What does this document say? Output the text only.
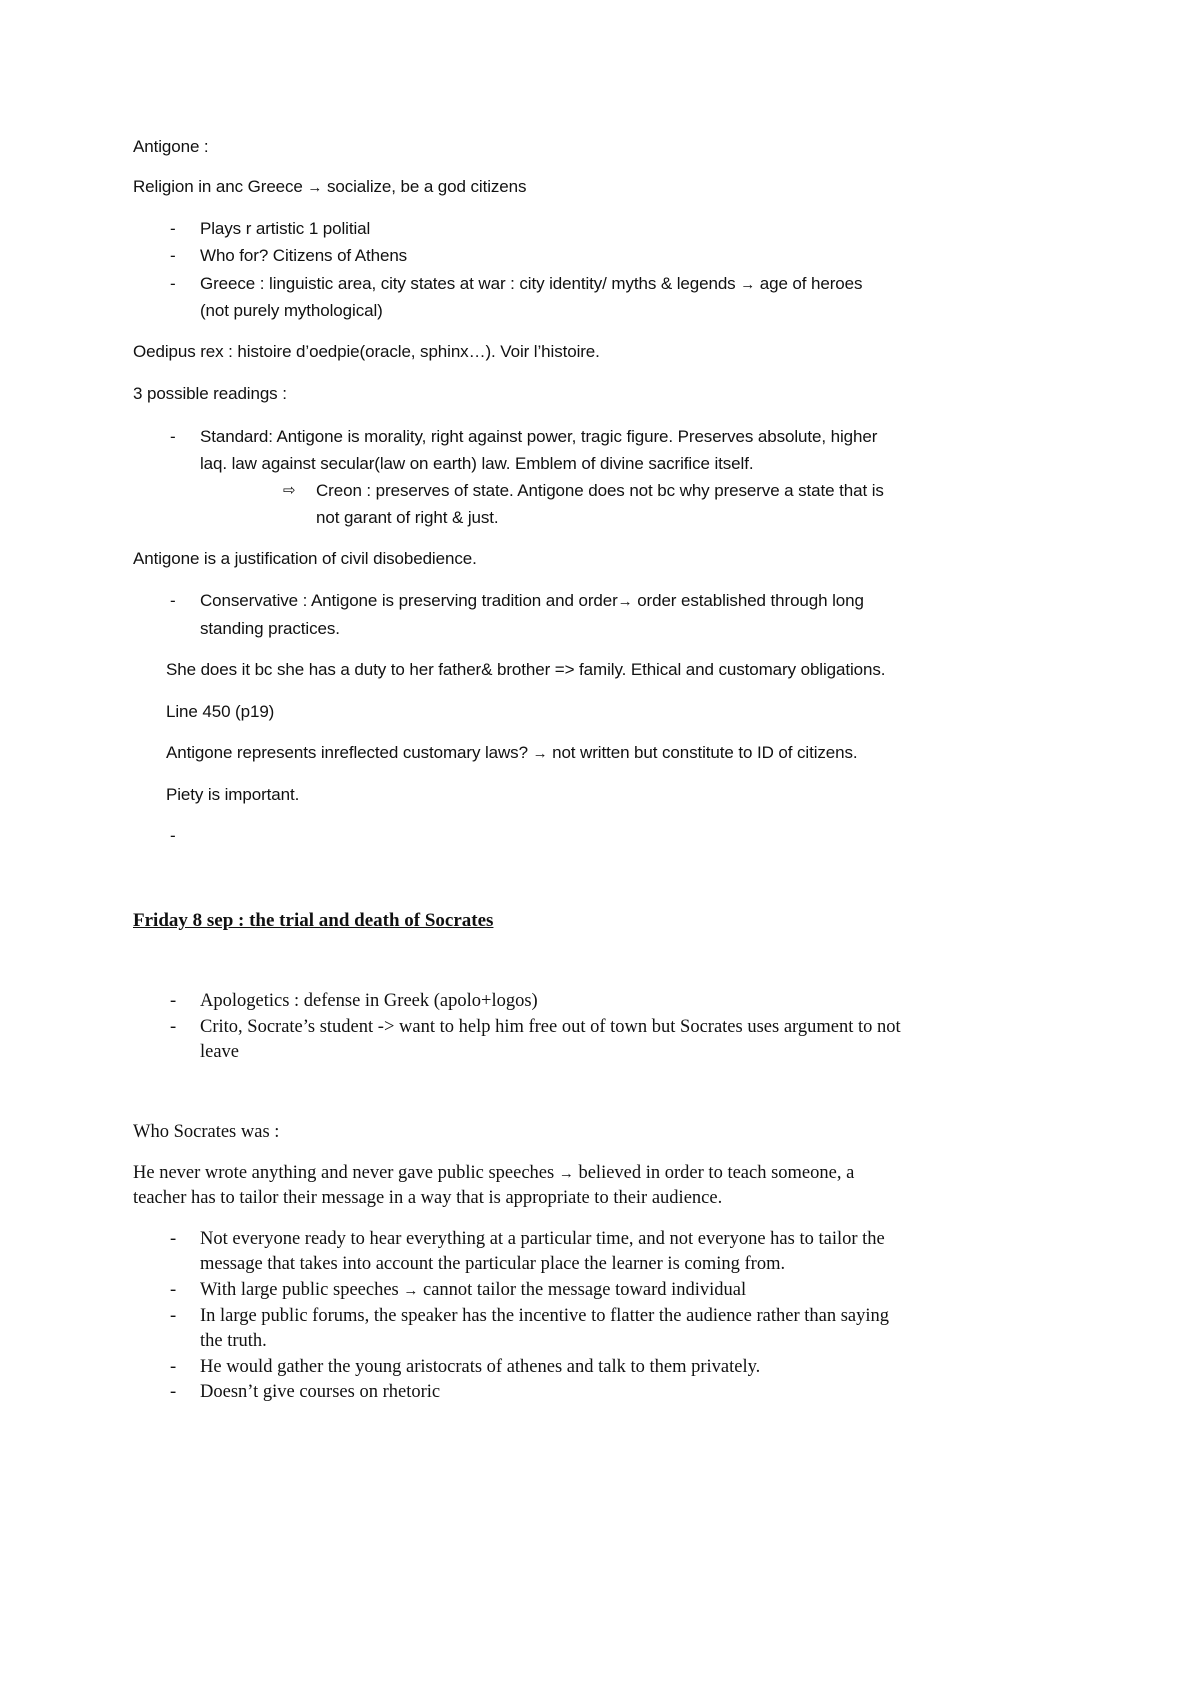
Antigone :
Religion in anc Greece → socialize, be a god citizens
- Plays r artistic 1 politial
- Who for? Citizens of Athens
- Greece : linguistic area, city states at war : city identity/ myths & legends → age of heroes
(not purely mythological)
Oedipus rex : histoire d’oedpie(oracle, sphinx…). Voir l’histoire.
3 possible readings :
- Standard: Antigone is morality, right against power, tragic figure. Preserves absolute, higher
laq. law against secular(law on earth) law. Emblem of divine sacrifice itself.
⇨ Creon : preserves of state. Antigone does not bc why preserve a state that is
not garant of right & just.
Antigone is a justification of civil disobedience.
- Conservative : Antigone is preserving tradition and order→ order established through long
standing practices.
She does it bc she has a duty to her father& brother => family. Ethical and customary obligations.
Line 450 (p19)
Antigone represents inreflected customary laws? → not written but constitute to ID of citizens.
Piety is important.
-
Friday 8 sep : the trial and death of Socrates
- Apologetics : defense in Greek (apolo+logos)
- Crito, Socrate’s student -> want to help him free out of town but Socrates uses argument to not
leave
Who Socrates was :
He never wrote anything and never gave public speeches → believed in order to teach someone, a
teacher has to tailor their message in a way that is appropriate to their audience.
- Not everyone ready to hear everything at a particular time, and not everyone has to tailor the
message that takes into account the particular place the learner is coming from.
- With large public speeches → cannot tailor the message toward individual
- In large public forums, the speaker has the incentive to flatter the audience rather than saying
the truth.
- He would gather the young aristocrats of athenes and talk to them privately.
- Doesn’t give courses on rhetoric
